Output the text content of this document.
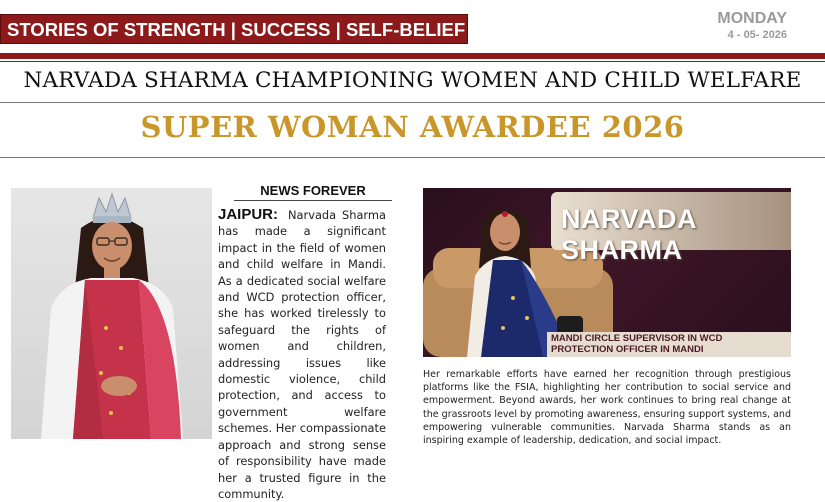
STORIES OF STRENGTH | SUCCESS | SELF-BELIEF
MONDAY
4 - 05- 2026
NARVADA SHARMA CHAMPIONING WOMEN AND CHILD WELFARE
SUPER WOMAN AWARDEE 2026
NEWS FOREVER
JAIPUR: Narvada Sharma has made a significant impact in the field of women and child welfare in Mandi. As a dedicated social welfare and WCD protection officer, she has worked tirelessly to safeguard the rights of women and children, addressing issues like domestic violence, child protection, and access to government welfare schemes. Her compassionate approach and strong sense of responsibility have made her a trusted figure in the community.
NARVADA SHARMA
MANDI CIRCLE SUPERVISOR IN WCD
PROTECTION OFFICER IN MANDI
Her remarkable efforts have earned her recognition through prestigious platforms like the FSIA, highlighting her contribution to social service and empowerment. Beyond awards, her work continues to bring real change at the grassroots level by promoting awareness, ensuring support systems, and empowering vulnerable communities. Narvada Sharma stands as an inspiring example of leadership, dedication, and social impact.
